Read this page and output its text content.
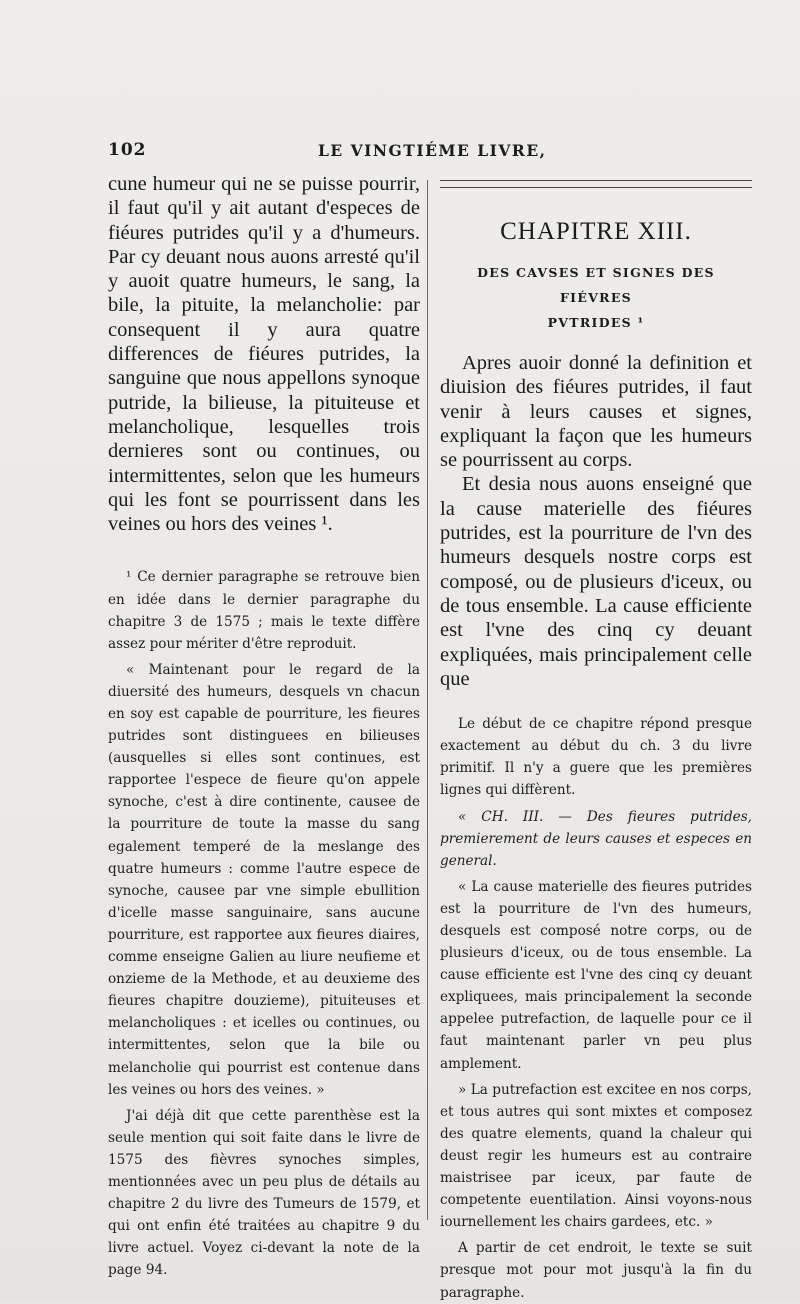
102	LE VINGTIÉME LIVRE,

cune humeur qui ne se puisse pourrir, il faut qu'il y ait autant d'especes de fiéures putrides qu'il y a d'humeurs. Par cy deuant nous auons arresté qu'il y auoit quatre humeurs, le sang, la bile, la pituite, la melancholie: par consequent il y aura quatre differences de fiéures putrides, la sanguine que nous appellons synoque putride, la bilieuse, la pituiteuse et melancholique, lesquelles trois dernieres sont ou continues, ou intermittentes, selon que les humeurs qui les font se pourrissent dans les veines ou hors des veines ¹.

¹ Ce dernier paragraphe se retrouve bien en idée dans le dernier paragraphe du chapitre 3 de 1575 ; mais le texte diffère assez pour mériter d'être reproduit.

« Maintenant pour le regard de la diuersité des humeurs, desquels vn chacun en soy est capable de pourriture, les fieures putrides sont distinguees en bilieuses (ausquelles si elles sont continues, est rapportee l'espece de fieure qu'on appele synoche, c'est à dire continente, causee de la pourriture de toute la masse du sang egalement temperé de la meslange des quatre humeurs : comme l'autre espece de synoche, causee par vne simple ebullition d'icelle masse sanguinaire, sans aucune pourriture, est rapportee aux fieures diaires, comme enseigne Galien au liure neufieme et onzieme de la Methode, et au deuxieme des fieures chapitre douzieme), pituiteuses et melancholiques : et icelles ou continues, ou intermittentes, selon que la bile ou melancholie qui pourrist est contenue dans les veines ou hors des veines. »

J'ai déjà dit que cette parenthèse est la seule mention qui soit faite dans le livre de 1575 des fièvres synoches simples, mentionnées avec un peu plus de détails au chapitre 2 du livre des Tumeurs de 1579, et qui ont enfin été traitées au chapitre 9 du livre actuel. Voyez ci-devant la note de la page 94.

CHAPITRE XIII.
DES CAVSES ET SIGNES DES FIÉVRES
PVTRIDES ¹

Apres auoir donné la definition et diuision des fiéures putrides, il faut venir à leurs causes et signes, expliquant la façon que les humeurs se pourrissent au corps.

Et desia nous auons enseigné que la cause materielle des fiéures putrides, est la pourriture de l'vn des humeurs desquels nostre corps est composé, ou de plusieurs d'iceux, ou de tous ensemble. La cause efficiente est l'vne des cinq cy deuant expliquées, mais principalement celle que

Le début de ce chapitre répond presque exactement au début du ch. 3 du livre primitif. Il n'y a guere que les premières lignes qui diffèrent.

« CH. III. — Des fieures putrides, premierement de leurs causes et especes en general.

« La cause materielle des fieures putrides est la pourriture de l'vn des humeurs, desquels est composé notre corps, ou de plusieurs d'iceux, ou de tous ensemble. La cause efficiente est l'vne des cinq cy deuant expliquees, mais principalement la seconde appelee putrefaction, de laquelle pour ce il faut maintenant parler vn peu plus amplement.

» La putrefaction est excitee en nos corps, et tous autres qui sont mixtes et composez des quatre elements, quand la chaleur qui deust regir les humeurs est au contraire maistrisee par iceux, par faute de competente euentilation. Ainsi voyons-nous iournellement les chairs gardees, etc. »

A partir de cet endroit, le texte se suit presque mot pour mot jusqu'à la fin du paragraphe.
